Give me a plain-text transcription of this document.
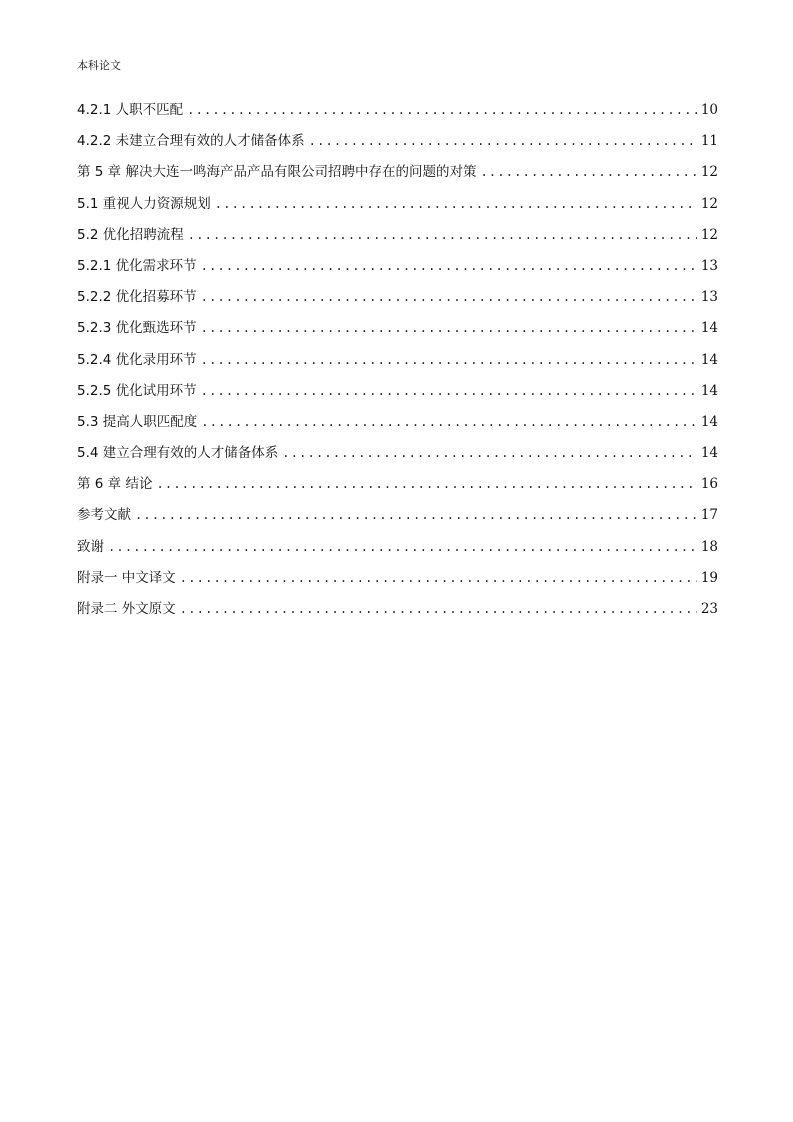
本科论文
4.2.1 人职不匹配 .....	10
4.2.2 未建立合理有效的人才储备体系 .....	11
第 5 章 解决大连一鸣海产品产品有限公司招聘中存在的问题的对策 .....	12
5.1 重视人力资源规划 .....	12
5.2 优化招聘流程 .....	12
5.2.1 优化需求环节 .....	13
5.2.2 优化招募环节 .....	13
5.2.3 优化甄选环节 .....	14
5.2.4 优化录用环节 .....	14
5.2.5 优化试用环节 .....	14
5.3 提高人职匹配度 .....	14
5.4 建立合理有效的人才储备体系 .....	14
第 6 章 结论 .....	16
参考文献 .....	17
致谢 .....	18
附录一 中文译文 .....	19
附录二 外文原文 .....	23
